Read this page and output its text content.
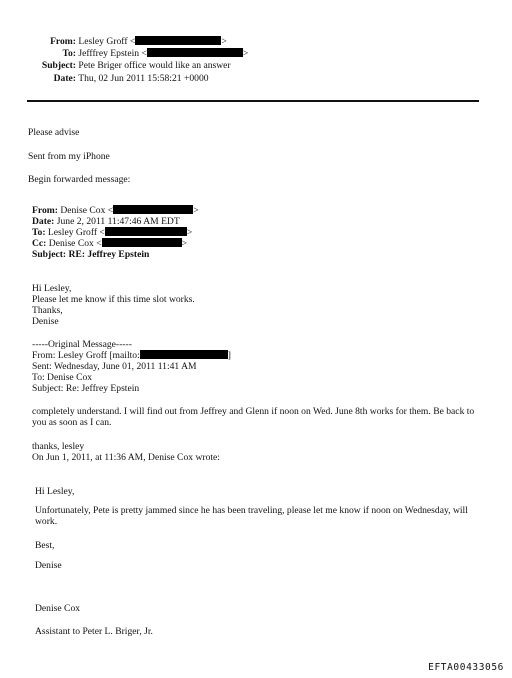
From: Lesley Groff <	>
To: Jefffrey Epstein <	>
Subject: Pete Briger office would like an answer
Date: Thu, 02 Jun 2011 15:58:21 +0000
Please advise
Sent from my iPhone
Begin forwarded message:
From: Denise Cox <	>
Date: June 2, 2011 11:47:46 AM EDT
To: Lesley Groff <	>
Cc: Denise Cox <	>
Subject: RE: Jeffrey Epstein
Hi Lesley,
Please let me know if this time slot works.
Thanks,
Denise
-----Original Message-----
From: Lesley Groff [mailto:	]
Sent: Wednesday, June 01, 2011 11:41 AM
To: Denise Cox
Subject: Re: Jeffrey Epstein
completely understand. I will find out from Jeffrey and Glenn if noon on Wed. June 8th works for them. Be back to you as soon as I can.
thanks, lesley
On Jun 1, 2011, at 11:36 AM, Denise Cox wrote:
Hi Lesley,
Unfortunately, Pete is pretty jammed since he has been traveling, please let me know if noon on Wednesday, will work.
Best,
Denise
Denise Cox
Assistant to Peter L. Briger, Jr.
EFTA00433056
